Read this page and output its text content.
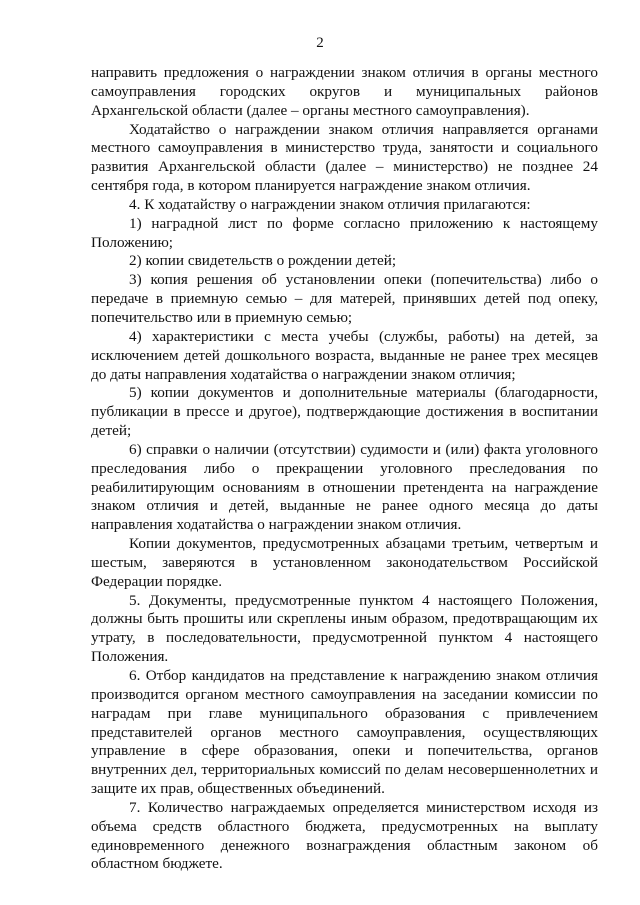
2

направить предложения о награждении знаком отличия в органы местного самоуправления городских округов и муниципальных районов Архангельской области (далее – органы местного самоуправления).

Ходатайство о награждении знаком отличия направляется органами местного самоуправления в министерство труда, занятости и социального развития Архангельской области (далее – министерство) не позднее 24 сентября года, в котором планируется награждение знаком отличия.

4. К ходатайству о награждении знаком отличия прилагаются:

1) наградной лист по форме согласно приложению к настоящему Положению;

2) копии свидетельств о рождении детей;

3) копия решения об установлении опеки (попечительства) либо о передаче в приемную семью – для матерей, принявших детей под опеку, попечительство или в приемную семью;

4) характеристики с места учебы (службы, работы) на детей, за исключением детей дошкольного возраста, выданные не ранее трех месяцев до даты направления ходатайства о награждении знаком отличия;

5) копии документов и дополнительные материалы (благодарности, публикации в прессе и другое), подтверждающие достижения в воспитании детей;

6) справки о наличии (отсутствии) судимости и (или) факта уголовного преследования либо о прекращении уголовного преследования по реабилитирующим основаниям в отношении претендента на награждение знаком отличия и детей, выданные не ранее одного месяца до даты направления ходатайства о награждении знаком отличия.

Копии документов, предусмотренных абзацами третьим, четвертым и шестым, заверяются в установленном законодательством Российской Федерации порядке.

5. Документы, предусмотренные пунктом 4 настоящего Положения, должны быть прошиты или скреплены иным образом, предотвращающим их утрату, в последовательности, предусмотренной пунктом 4 настоящего Положения.

6. Отбор кандидатов на представление к награждению знаком отличия производится органом местного самоуправления на заседании комиссии по наградам при главе муниципального образования с привлечением представителей органов местного самоуправления, осуществляющих управление в сфере образования, опеки и попечительства, органов внутренних дел, территориальных комиссий по делам несовершеннолетних и защите их прав, общественных объединений.

7. Количество награждаемых определяется министерством исходя из объема средств областного бюджета, предусмотренных на выплату единовременного денежного вознаграждения областным законом об областном бюджете.
